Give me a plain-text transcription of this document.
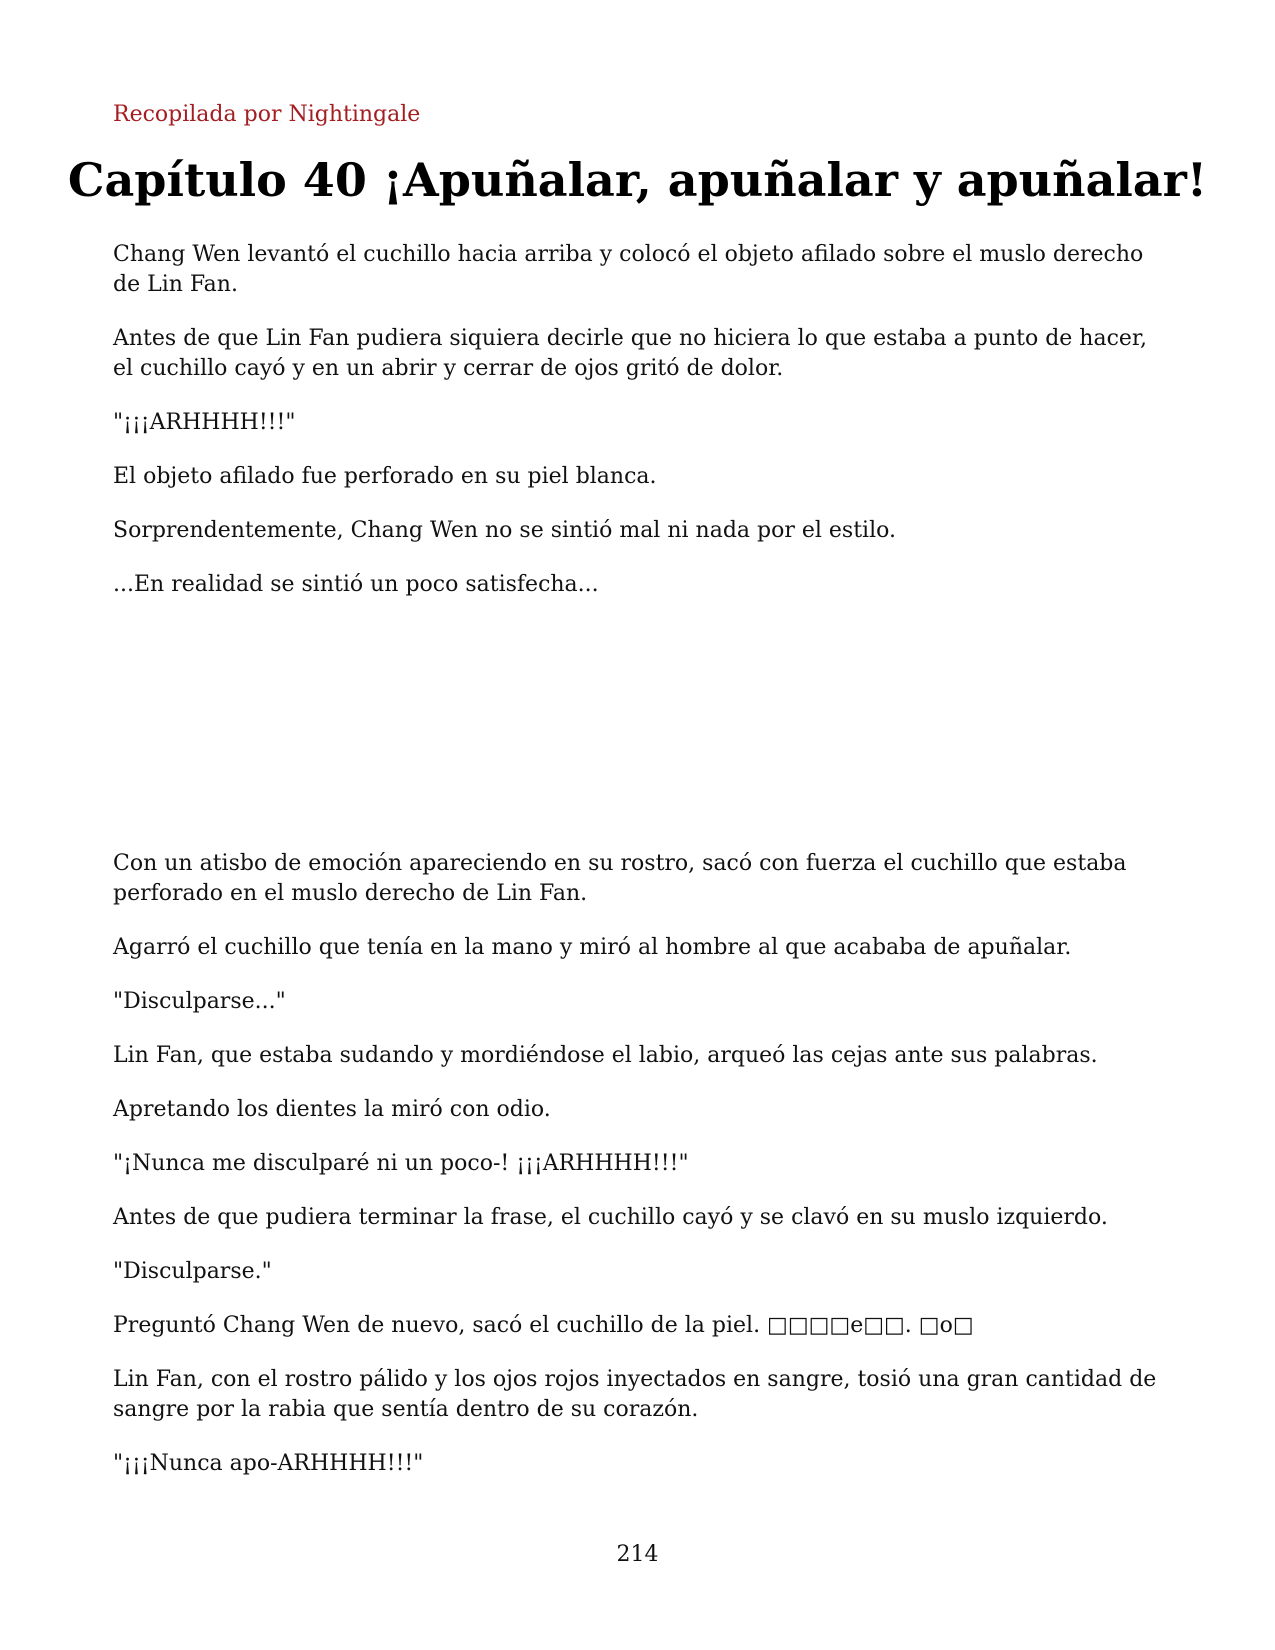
Recopilada por Nightingale
Capítulo 40 ¡Apuñalar, apuñalar y apuñalar!

Chang Wen levantó el cuchillo hacia arriba y colocó el objeto afilado sobre el muslo derecho de Lin Fan.

Antes de que Lin Fan pudiera siquiera decirle que no hiciera lo que estaba a punto de hacer, el cuchillo cayó y en un abrir y cerrar de ojos gritó de dolor.

"¡¡¡ARHHHH!!!"

El objeto afilado fue perforado en su piel blanca.

Sorprendentemente, Chang Wen no se sintió mal ni nada por el estilo.

...En realidad se sintió un poco satisfecha...

Con un atisbo de emoción apareciendo en su rostro, sacó con fuerza el cuchillo que estaba perforado en el muslo derecho de Lin Fan.

Agarró el cuchillo que tenía en la mano y miró al hombre al que acababa de apuñalar.

"Disculparse..."

Lin Fan, que estaba sudando y mordiéndose el labio, arqueó las cejas ante sus palabras.

Apretando los dientes la miró con odio.

"¡Nunca me disculparé ni un poco-! ¡¡¡ARHHHH!!!"

Antes de que pudiera terminar la frase, el cuchillo cayó y se clavó en su muslo izquierdo.

"Disculparse."

Preguntó Chang Wen de nuevo, sacó el cuchillo de la piel. □□□□e□□. □o□

Lin Fan, con el rostro pálido y los ojos rojos inyectados en sangre, tosió una gran cantidad de sangre por la rabia que sentía dentro de su corazón.

"¡¡¡Nunca apo-ARHHHH!!!"

214
